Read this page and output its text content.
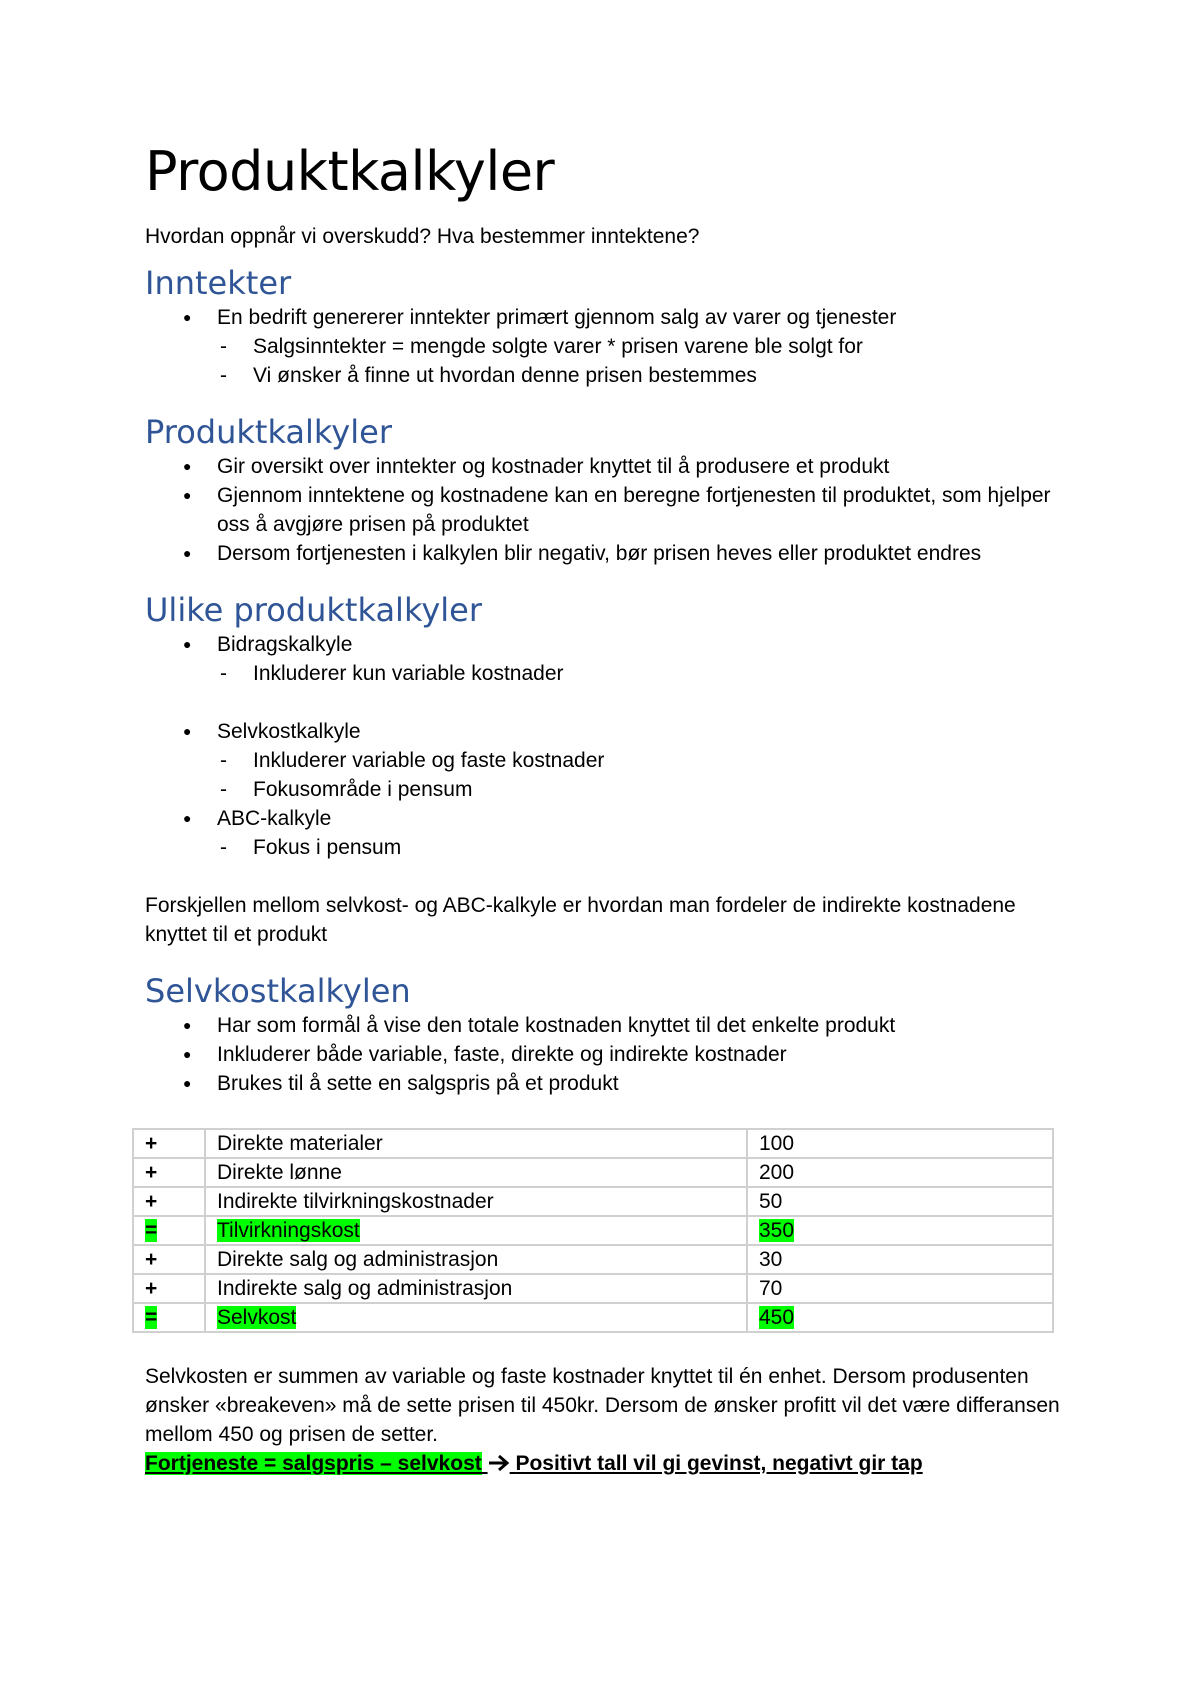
Produktkalkyler

Hvordan oppnår vi overskudd? Hva bestemmer inntektene?

Inntekter
● En bedrift genererer inntekter primært gjennom salg av varer og tjenester
- Salgsinntekter = mengde solgte varer * prisen varene ble solgt for
- Vi ønsker å finne ut hvordan denne prisen bestemmes
Produktkalkyler
● Gir oversikt over inntekter og kostnader knyttet til å produsere et produkt
● Gjennom inntektene og kostnadene kan en beregne fortjenesten til produktet, som hjelper oss å avgjøre prisen på produktet
● Dersom fortjenesten i kalkylen blir negativ, bør prisen heves eller produktet endres
Ulike produktkalkyler
● Bidragskalkyle
- Inkluderer kun variable kostnader
● Selvkostkalkyle
- Inkluderer variable og faste kostnader
- Fokusområde i pensum
● ABC-kalkyle
- Fokus i pensum

Forskjellen mellom selvkost- og ABC-kalkyle er hvordan man fordeler de indirekte kostnadene knyttet til et produkt

Selvkostkalkylen
● Har som formål å vise den totale kostnaden knyttet til det enkelte produkt
● Inkluderer både variable, faste, direkte og indirekte kostnader
● Brukes til å sette en salgspris på et produkt
+	Direkte materialer	100
+	Direkte lønne	200
+	Indirekte tilvirkningskostnader	50
=	Tilvirkningskost	350
+	Direkte salg og administrasjon	30
+	Indirekte salg og administrasjon	70
=	Selvkost	450

Selvkosten er summen av variable og faste kostnader knyttet til én enhet. Dersom produsenten ønsker «breakeven» må de sette prisen til 450kr. Dersom de ønsker profitt vil det være differansen mellom 450 og prisen de setter.

Fortjeneste = salgspris – selvkost Positivt tall vil gi gevinst, negativt gir tap
